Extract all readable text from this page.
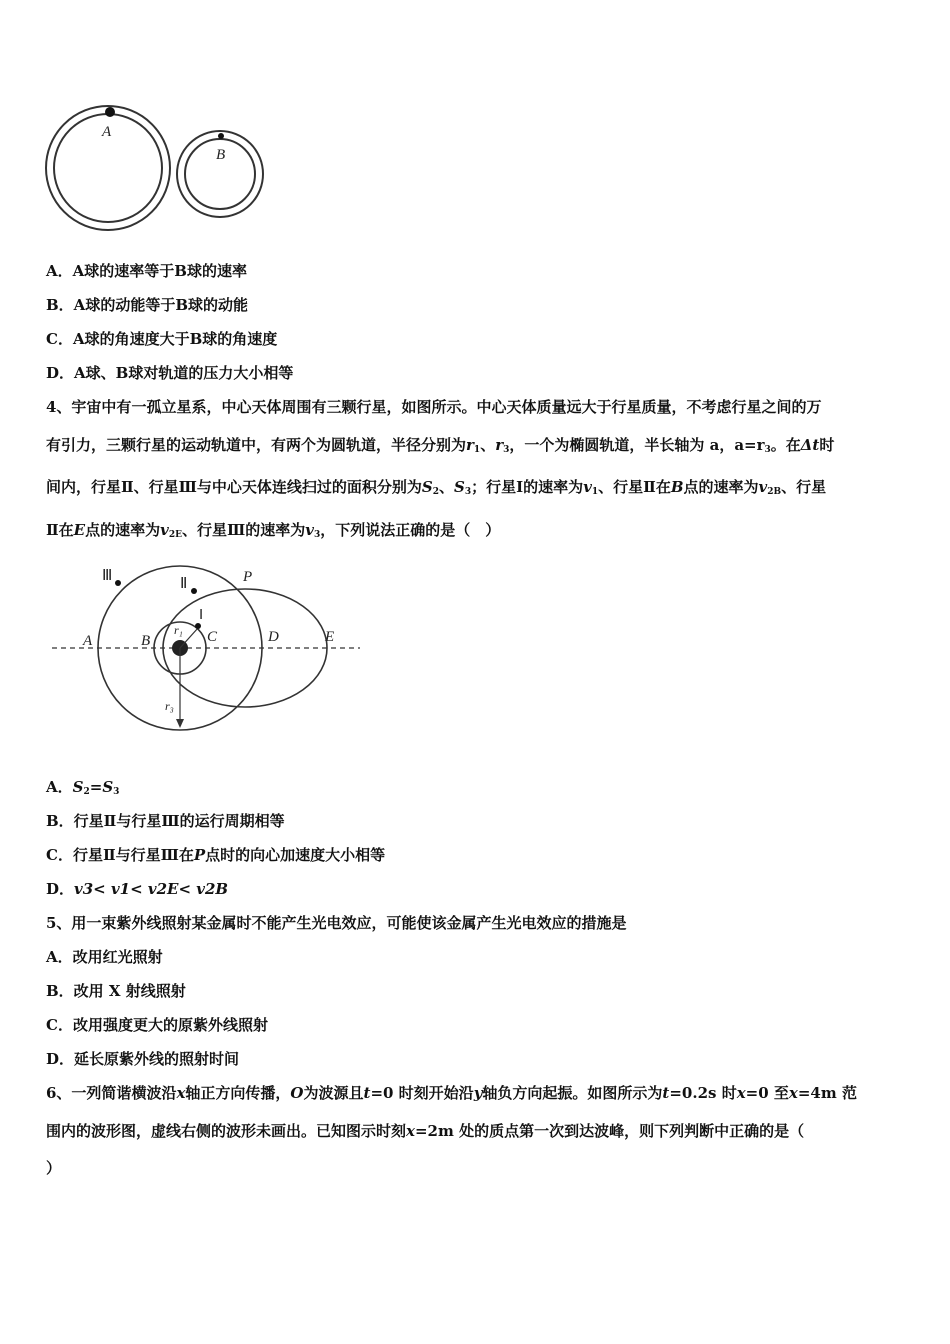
A
B
A．A球的速率等于B球的速率
B．A球的动能等于B球的动能
C．A球的角速度大于B球的角速度
D．A球、B球对轨道的压力大小相等
4、宇宙中有一孤立星系，中心天体周围有三颗行星，如图所示。中心天体质量远大于行星质量，不考虑行星之间的万
有引力，三颗行星的运动轨道中，有两个为圆轨道，半径分别为$r_1$、$r_3$，一个为椭圆轨道，半长轴为 a，$a=r_3$。在Δt时
间内，行星Ⅱ、行星Ⅲ与中心天体连线扫过的面积分别为$S_2$、$S_3$；行星Ⅰ的速率为$v_1$、行星Ⅱ在B点的速率为$v_{2B}$、行星
Ⅱ在E点的速率为$v_{2E}$、行星Ⅲ的速率为$v_3$，下列说法正确的是（　）
Ⅲ	Ⅱ	P
Ⅰ
A	B
r₁ C	D	E
r₃
A．$S_2=S_3$
B．行星Ⅱ与行星Ⅲ的运行周期相等
C．行星Ⅱ与行星Ⅲ在P点时的向心加速度大小相等
D．v3< v1< v2E< v2B
5、用一束紫外线照射某金属时不能产生光电效应，可能使该金属产生光电效应的措施是
A．改用红光照射
B．改用 X 射线照射
C．改用强度更大的原紫外线照射
D．延长原紫外线的照射时间
6、一列简谐横波沿x轴正方向传播，O为波源且t=0 时刻开始沿y轴负方向起振。如图所示为t=0.2s 时x=0 至x=4m 范
围内的波形图，虚线右侧的波形未画出。已知图示时刻x=2m 处的质点第一次到达波峰，则下列判断中正确的是（
）
